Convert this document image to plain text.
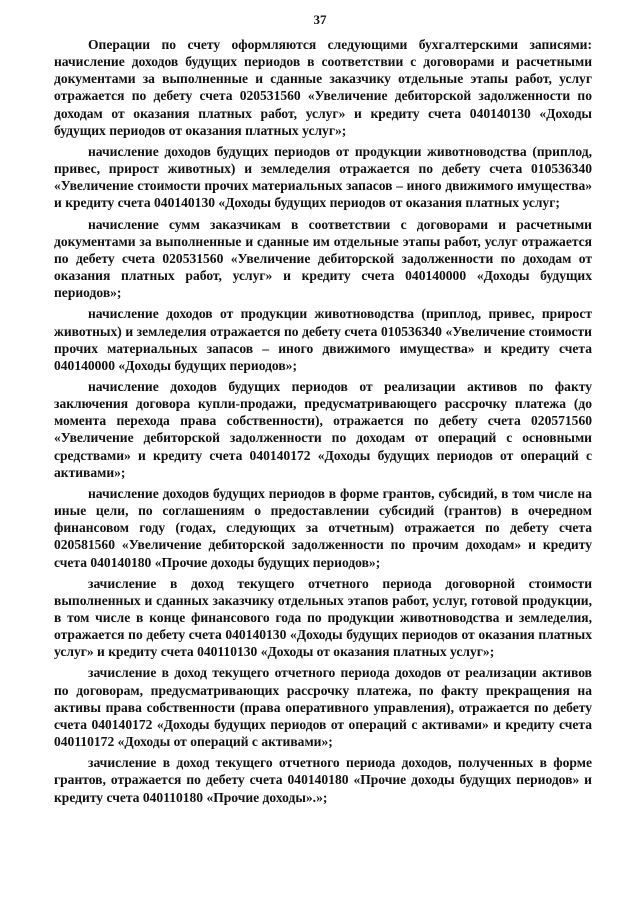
37

Операции по счету оформляются следующими бухгалтерскими записями: начисление доходов будущих периодов в соответствии с договорами и расчетными документами за выполненные и сданные заказчику отдельные этапы работ, услуг отражается по дебету счета 020531560 «Увеличение дебиторской задолженности по доходам от оказания платных работ, услуг» и кредиту счета 040140130 «Доходы будущих периодов от оказания платных услуг»;

начисление доходов будущих периодов от продукции животноводства (приплод, привес, прирост животных) и земледелия отражается по дебету счета 010536340 «Увеличение стоимости прочих материальных запасов – иного движимого имущества» и кредиту счета 040140130 «Доходы будущих периодов от оказания платных услуг;

начисление сумм заказчикам в соответствии с договорами и расчетными документами за выполненные и сданные им отдельные этапы работ, услуг отражается по дебету счета 020531560 «Увеличение дебиторской задолженности по доходам от оказания платных работ, услуг» и кредиту счета 040140000 «Доходы будущих периодов»;

начисление доходов от продукции животноводства (приплод, привес, прирост животных) и земледелия отражается по дебету счета 010536340 «Увеличение стоимости прочих материальных запасов – иного движимого имущества» и кредиту счета 040140000 «Доходы будущих периодов»;

начисление доходов будущих периодов от реализации активов по факту заключения договора купли-продажи, предусматривающего рассрочку платежа (до момента перехода права собственности), отражается по дебету счета 020571560 «Увеличение дебиторской задолженности по доходам от операций с основными средствами» и кредиту счета 040140172 «Доходы будущих периодов от операций с активами»;

начисление доходов будущих периодов в форме грантов, субсидий, в том числе на иные цели, по соглашениям о предоставлении субсидий (грантов) в очередном финансовом году (годах, следующих за отчетным) отражается по дебету счета 020581560 «Увеличение дебиторской задолженности по прочим доходам» и кредиту счета 040140180 «Прочие доходы будущих периодов»;

зачисление в доход текущего отчетного периода договорной стоимости выполненных и сданных заказчику отдельных этапов работ, услуг, готовой продукции, в том числе в конце финансового года по продукции животноводства и земледелия, отражается по дебету счета 040140130 «Доходы будущих периодов от оказания платных услуг» и кредиту счета 040110130 «Доходы от оказания платных услуг»;

зачисление в доход текущего отчетного периода доходов от реализации активов по договорам, предусматривающих рассрочку платежа, по факту прекращения на активы права собственности (права оперативного управления), отражается по дебету счета 040140172 «Доходы будущих периодов от операций с активами» и кредиту счета 040110172 «Доходы от операций с активами»;

зачисление в доход текущего отчетного периода доходов, полученных в форме грантов, отражается по дебету счета 040140180 «Прочие доходы будущих периодов» и кредиту счета 040110180 «Прочие доходы».»;
